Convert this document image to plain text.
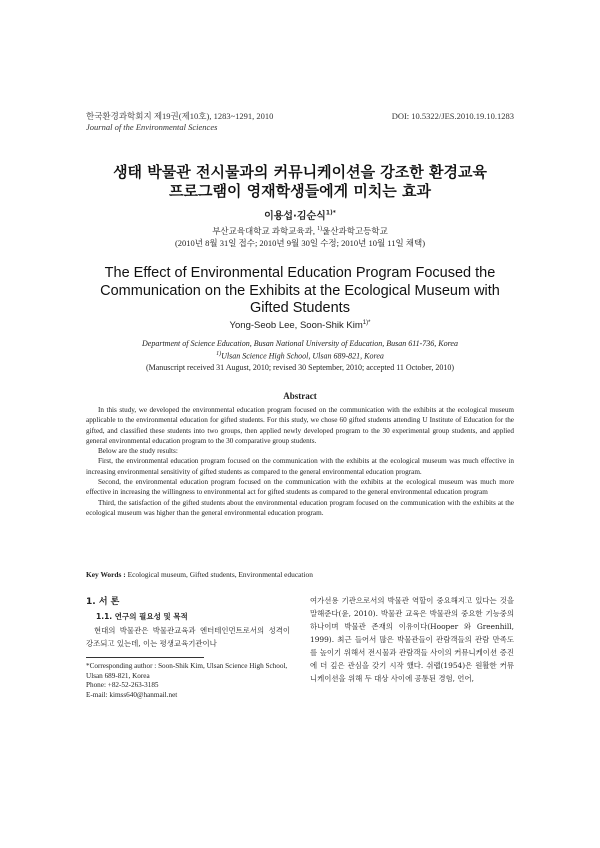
한국환경과학회지 제19권(제10호), 1283~1291, 2010
Journal of the Environmental Sciences
DOI: 10.5322/JES.2010.19.10.1283
생태 박물관 전시물과의 커뮤니케이션을 강조한 환경교육
프로그램이 영재학생들에게 미치는 효과
이용섭·김순식$^{1)*}$
부산교육대학교 과학교육과, $^{1)}$울산과학고등학교
(2010년 8월 31일 접수; 2010년 9월 30일 수정; 2010년 10월 11일 채택)
The Effect of Environmental Education Program Focused the
Communication on the Exhibits at the Ecological Museum with
Gifted Students
Yong-Seob Lee, Soon-Shik Kim$^{1)*}$
Department of Science Education, Busan National University of Education, Busan 611-736, Korea
$^{1)}$Ulsan Science High School, Ulsan 689-821, Korea
(Manuscript received 31 August, 2010; revised 30 September, 2010; accepted 11 October, 2010)
Abstract

In this study, we developed the environmental education program focused on the communication with the exhibits at the ecological museum applicable to the environmental education for gifted students. For this study, we chose 60 gifted students attending U Institute of Education for the gifted, and classified these students into two groups, then applied newly developed program to the 30 experimental group students, and applied general environmental education program to the 30 comparative group students.

Below are the study results:

First, the environmental education program focused on the communication with the exhibits at the ecological museum was much effective in increasing environmental sensitivity of gifted students as compared to the general environmental education program.

Second, the environmental education program focused on the communication with the exhibits at the ecological museum was much more effective in increasing the willingness to environmental act for gifted students as compared to the general environmental education program

Third, the satisfaction of the gifted students about the environmental education program focused on the communication with the exhibits at the ecological museum was higher than the general environmental education program.

Key Words : Ecological museum, Gifted students, Environmental education
1. 서 론
1.1. 연구의 필요성 및 목적

현대의 박물관은 박물관교육과 엔터테인먼트로서의 성격이 강조되고 있는데, 이는 평생교육기관이나

*Corresponding author : Soon-Shik Kim, Ulsan Science High School, Ulsan 689-821, Korea

Phone: +82-52-263-3185

E-mail: kimss640@hanmail.net

여가선용 기관으로서의 박물관 역할이 중요해지고 있다는 것을 말해준다(윤, 2010). 박물관 교육은 박물관의 중요한 기능중의 하나이며 박물관 존재의 이유이다(Hooper 와 Greenhill, 1999). 최근 들어서 많은 박물관들이 관람객들의 관람 만족도를 높이기 위해서 전시물과 관람객들 사이의 커뮤니케이션 증진에 더 깊은 관심을 갖기 시작 했다. 쉬랩(1954)은 원활한 커뮤니케이션을 위해 두 대상 사이에 공통된 경험, 언어,
